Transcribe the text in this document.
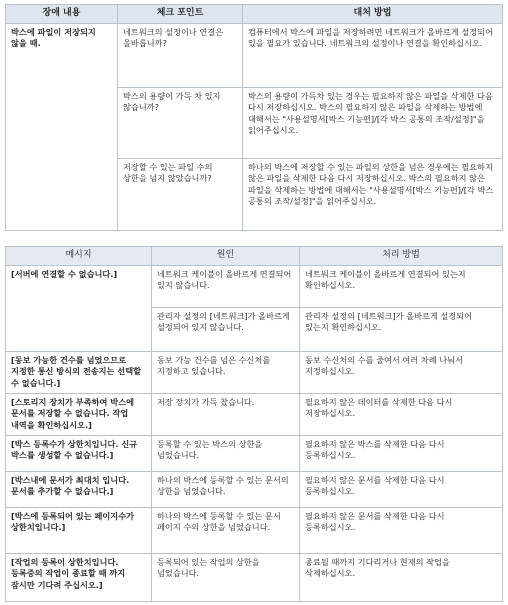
장애 내용	체크 포인트	대처 방법
박스에 파일이 저장되지 않을 때.	네트워크의 설정이나 연결은 올바릅니까?	컴퓨터에서 박스에 파일을 저장하려면 네트워크가 올바르게 설정되어 있을 필요가 있습니다. 네트워크의 설정이나 연결을 확인하십시오.
	박스의 용량이 가득 차 있지 않습니까?	박스의 용량이 가득차 있는 경우는 필요하지 않은 파일을 삭제한 다음 다시 저장하십시오. 박스의 필요하지 않은 파일을 삭제하는 방법에 대해서는 "사용설명서[박스 기능편]/[각 박스 공통의 조작/설정]"을 읽어주십시오.
	저장할 수 있는 파일 수의 상한을 넘지 않았습니까?	하나의 박스에 저장할 수 있는 파일의 상한을 넘은 경우에는 필요하지 않은 파일을 삭제한 다음 다시 저장하십시오. 박스의 필요하지 않은 파일을 삭제하는 방법에 대해서는 "사용설명서[박스 기능편]/[각 박스 공통의 조작/설정]"을 읽어주십시오.
메시지	원인	처리 방법
[서버에 연결할 수 없습니다.]	네트워크 케이블이 올바르게 연결되어 있지 않습니다.	네트워크 케이블이 올바르게 연결되어 있는지 확인하십시오.
	관리자 설정의 [네트워크]가 올바르게 설정되어 있지 않습니다.	관리자 설정의 [네트워크]가 올바르게 설정되어 있는지 확인하십시오.
[동보 가능한 건수를 넘었으므로 지정한 통신 방식의 전송지는 선택할 수 없습니다.]	동보 가능 건수를 넘은 수신처를 지정하고 있습니다.	동보 수신처의 수를 줄여서 여러 차례 나눠서 지정하십시오.
[스토리지 장치가 부족하여 박스에 문서를 저장할 수 없습니다. 작업 내역을 확인하십시오.]	저장 장치가 가득 찼습니다.	필요하지 않은 데이터를 삭제한 다음 다시 저장하십시오.
[박스 등록수가 상한치입니다. 신규 박스를 생성할 수 없습니다.]	등록할 수 있는 박스의 상한을 넘었습니다.	필요하지 않은 박스를 삭제한 다음 다시 등록하십시오.
[박스내에 문서가 최대치 입니다. 문서를 추가할 수 없습니다.]	하나의 박스에 등록할 수 있는 문서의 상한을 넘었습니다.	필요하지 않은 문서를 삭제한 다음 다시 등록하십시오.
[박스에 등록되어 있는 페이지수가 상한치입니다.]	하나의 박스에 등록할 수 있는 문서 페이지 수의 상한을 넘었습니다.	필요하지 않은 문서를 삭제한 다음 다시 등록하십시오.
[작업의 등록이 상한치입니다. 등록중의 작업이 종료할 때 까지 잠시만 기다려 주십시오.]	등록되어 있는 작업의 상한을 넘었습니다.	종료될 때까지 기다리거나 현재의 작업을 삭제하십시오.
